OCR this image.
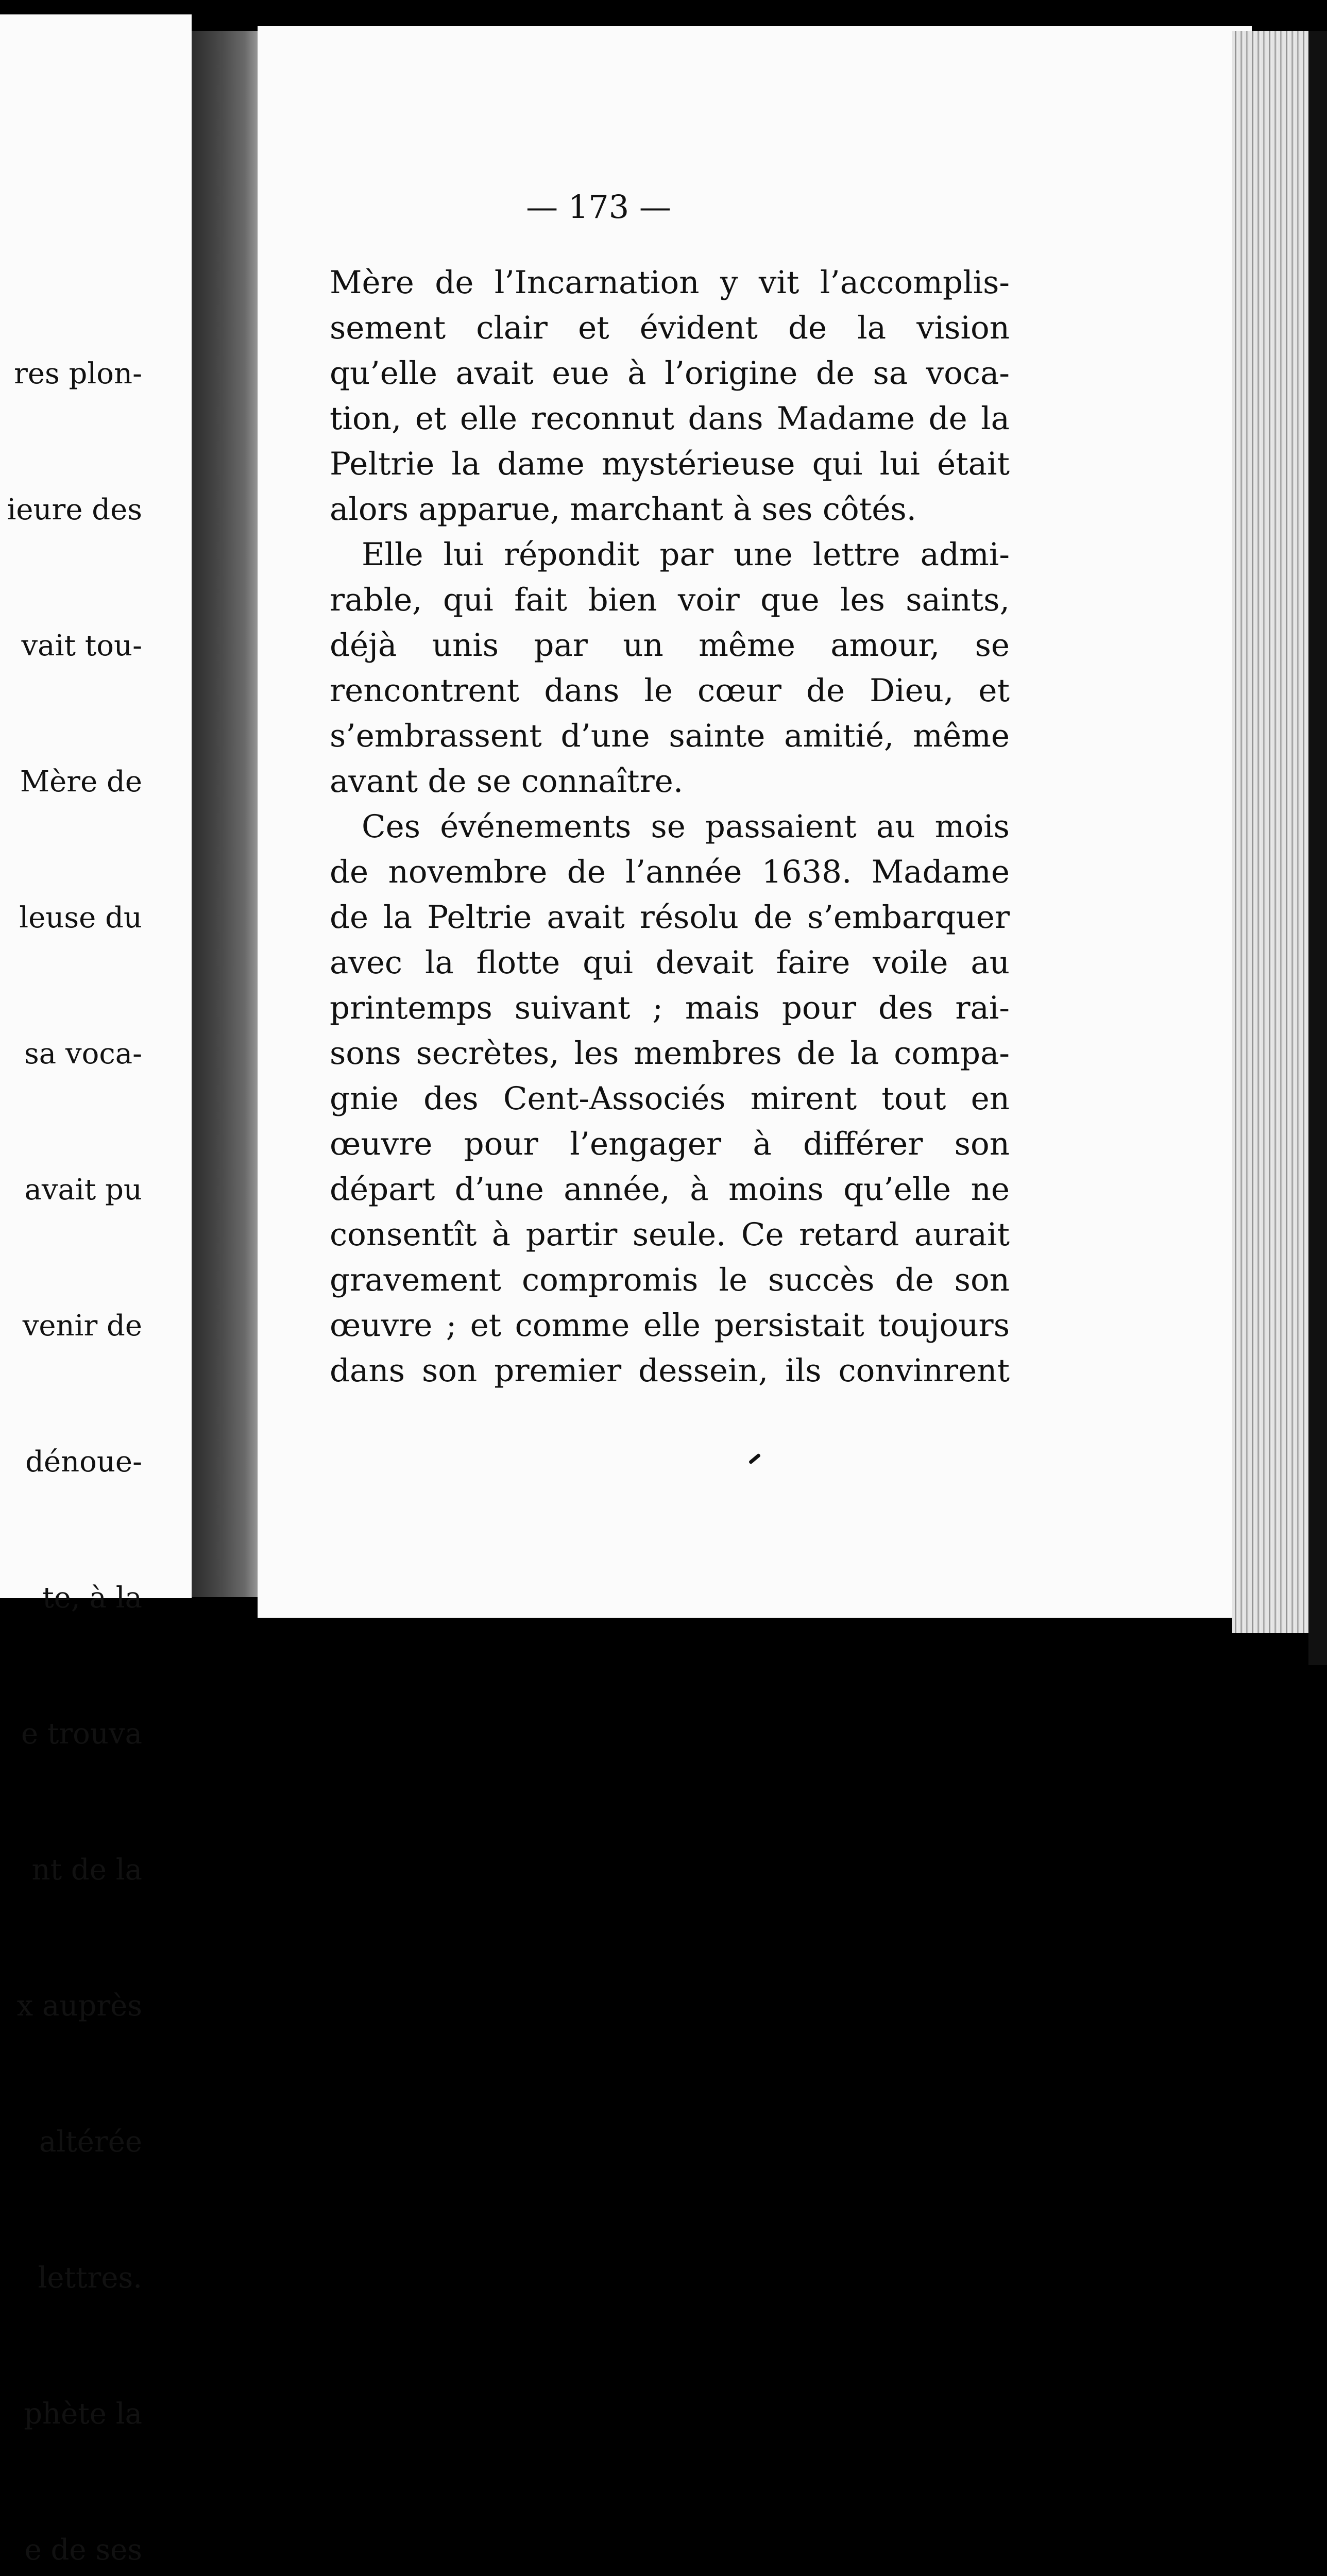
res plon-

ieure des

vait tou-

Mère de

leuse du

sa voca-

avait pu

venir de

dénoue-

te, à la

e trouva

nt de la

x auprès

altérée

lettres.

phète la

e de ses

— 173 —
Mère de l’Incarnation y vit l’accomplis-
sement clair et évident de la vision
qu’elle avait eue à l’origine de sa voca-
tion, et elle reconnut dans Madame de la
Peltrie la dame mystérieuse qui lui était
alors apparue, marchant à ses côtés.
Elle lui répondit par une lettre admi-
rable, qui fait bien voir que les saints,
déjà unis par un même amour, se
rencontrent dans le cœur de Dieu, et
s’embrassent d’une sainte amitié, même
avant de se connaître.
Ces événements se passaient au mois
de novembre de l’année 1638. Madame
de la Peltrie avait résolu de s’embarquer
avec la flotte qui devait faire voile au
printemps suivant ; mais pour des rai-
sons secrètes, les membres de la compa-
gnie des Cent-Associés mirent tout en
œuvre pour l’engager à différer son
départ d’une année, à moins qu’elle ne
consentît à partir seule. Ce retard aurait
gravement compromis le succès de son
œuvre ; et comme elle persistait toujours
dans son premier dessein, ils convinrent
